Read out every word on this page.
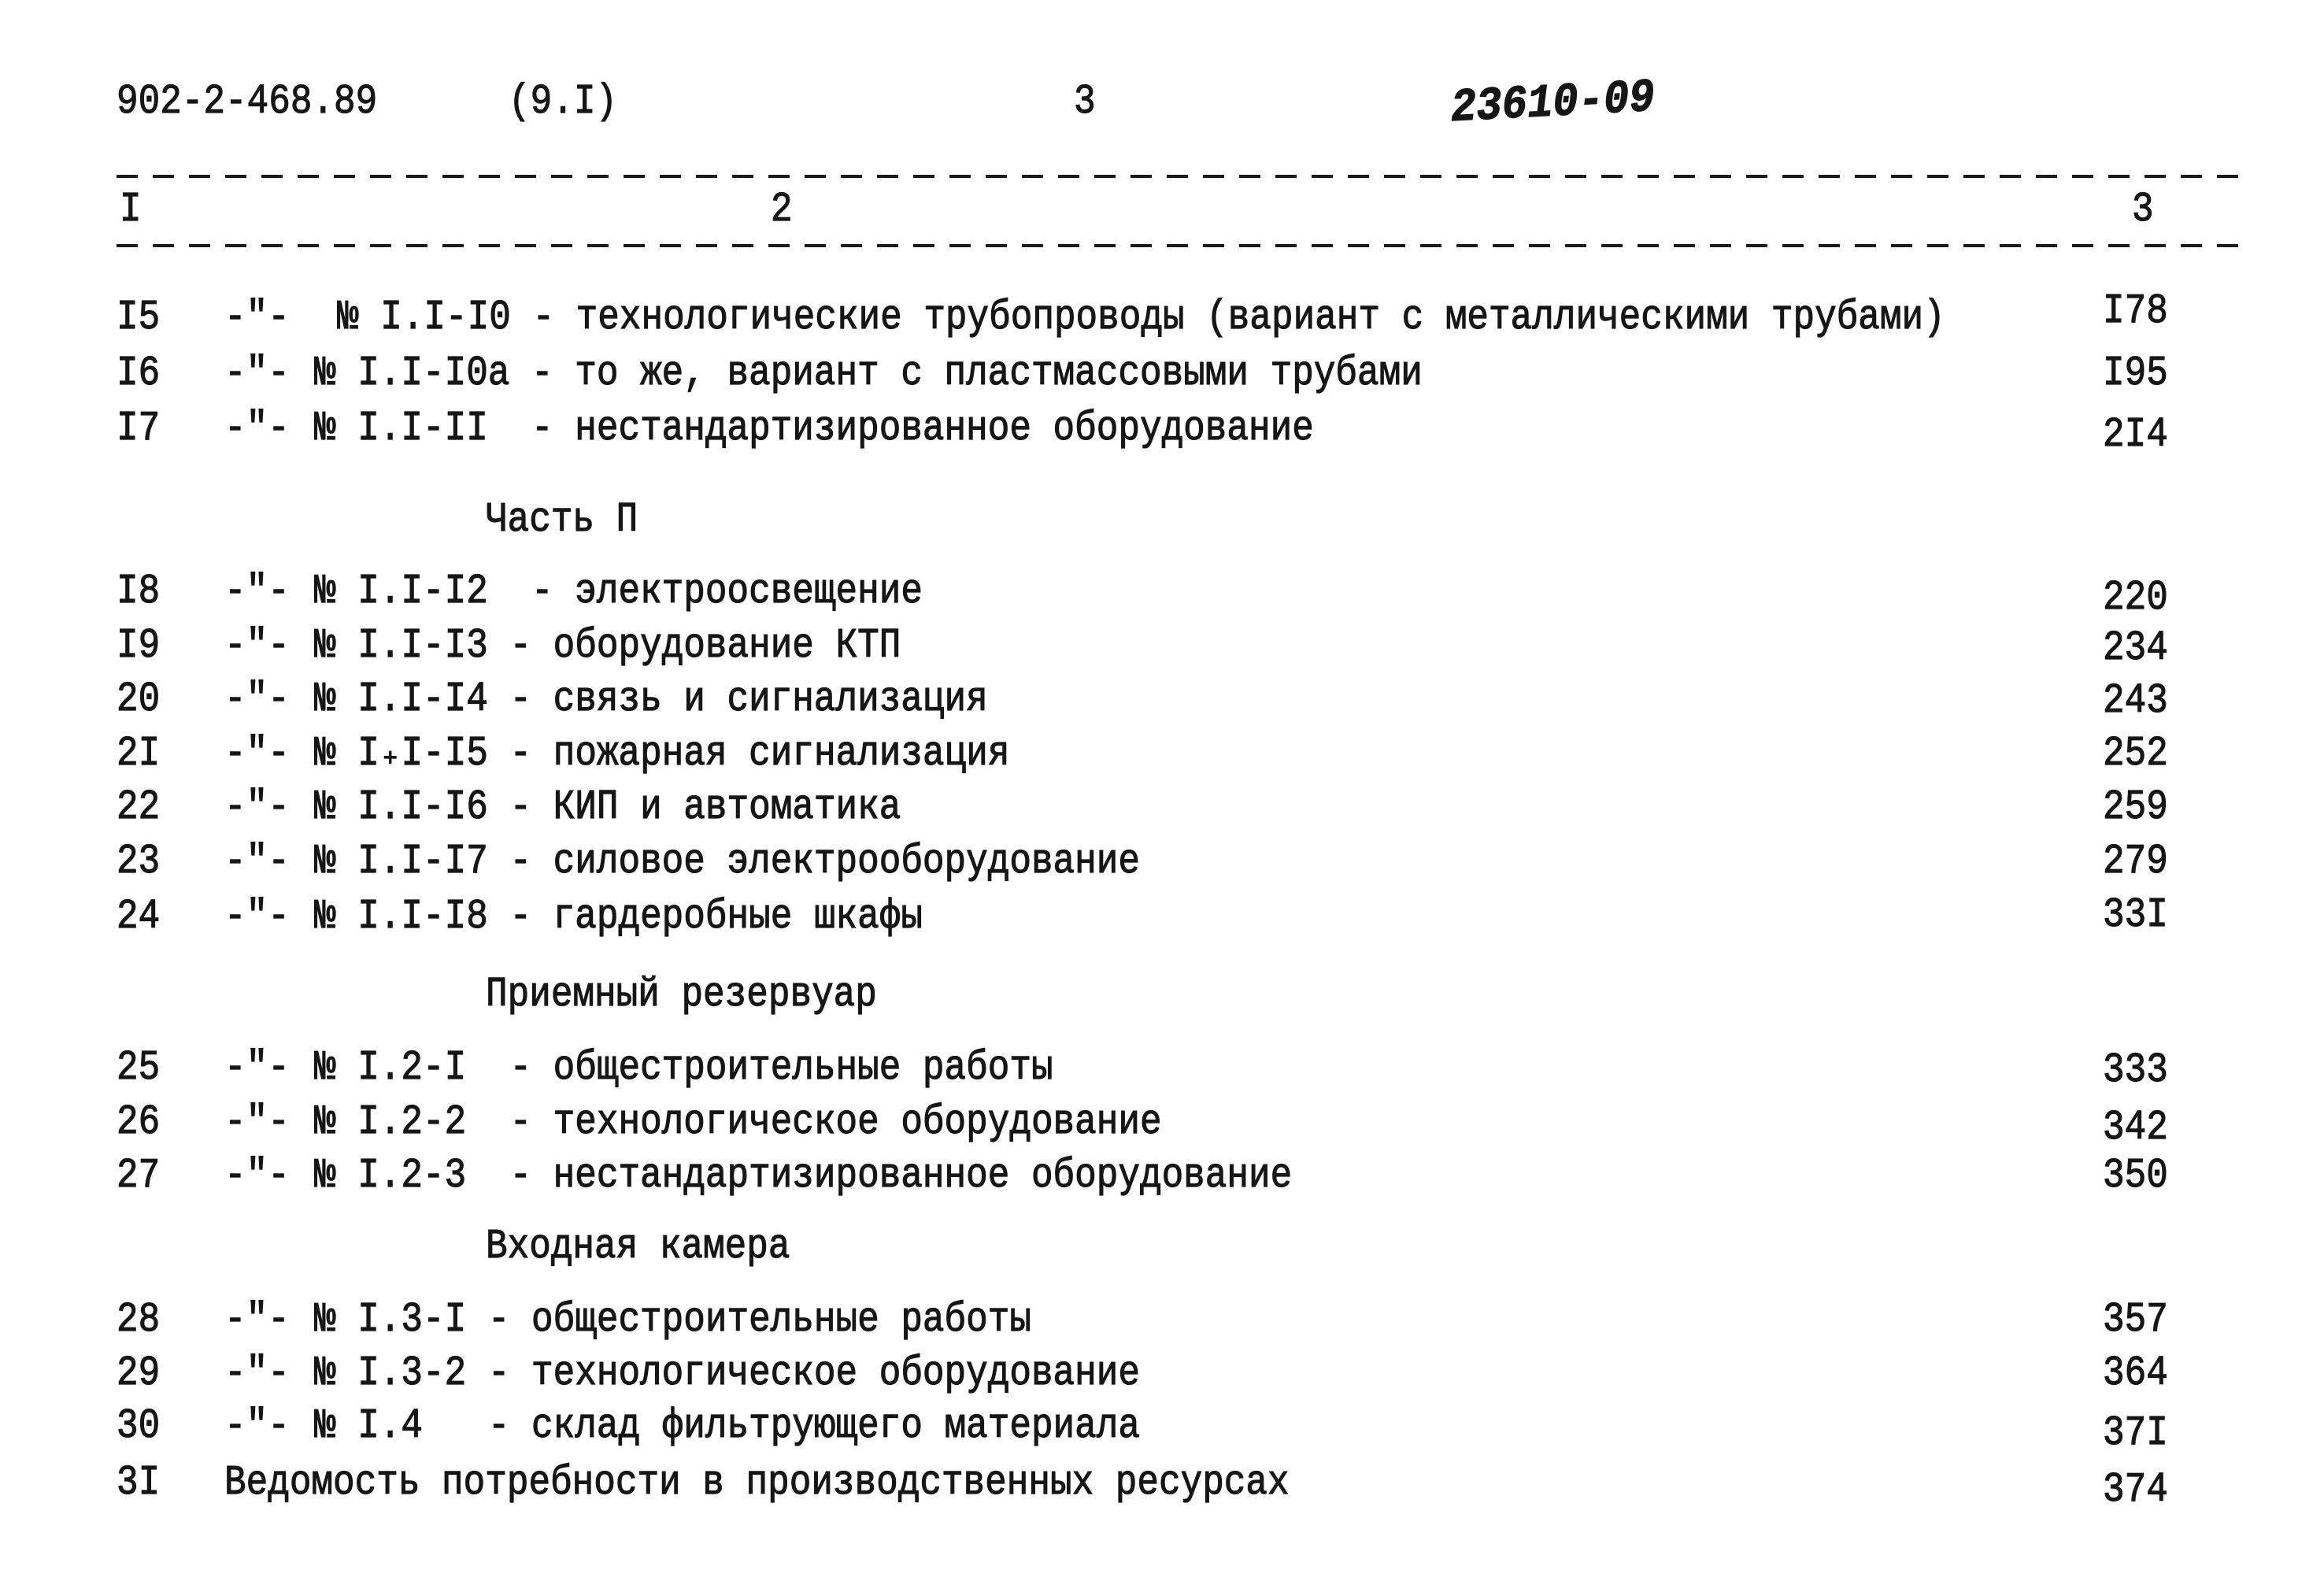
902-2-468.89	(9.I)	3	23610-09
I	2	3
I5 -"- № I.I-I0 - технологические трубопроводы (вариант с металлическими трубами)	I78
I6 -"- № I.I-I0a - то же, вариант с пластмассовыми трубами	I95
I7 -"- № I.I-II - нестандартизированное оборудование	2I4
Часть П
I8 -"- № I.I-I2 - электроосвещение	220
I9 -"- № I.I-I3 - оборудование КТП	234
20 -"- № I.I-I4 - связь и сигнализация	243
2I -"- № I₊I-I5 - пожарная сигнализация	252
22 -"- № I.I-I6 - КИП и автоматика	259
23 -"- № I.I-I7 - силовое электрооборудование	279
24 -"- № I.I-I8 - гардеробные шкафы	33I
Приемный резервуар
25 -"- № I.2-I - общестроительные работы	333
26 -"- № I.2-2 - технологическое оборудование	342
27 -"- № I.2-3 - нестандартизированное оборудование	350
Входная камера
28 -"- № I.3-I - общестроительные работы	357
29 -"- № I.3-2 - технологическое оборудование	364
30 -"- № I.4 - склад фильтрующего материала	37I
3I Ведомость потребности в производственных ресурсах	374
